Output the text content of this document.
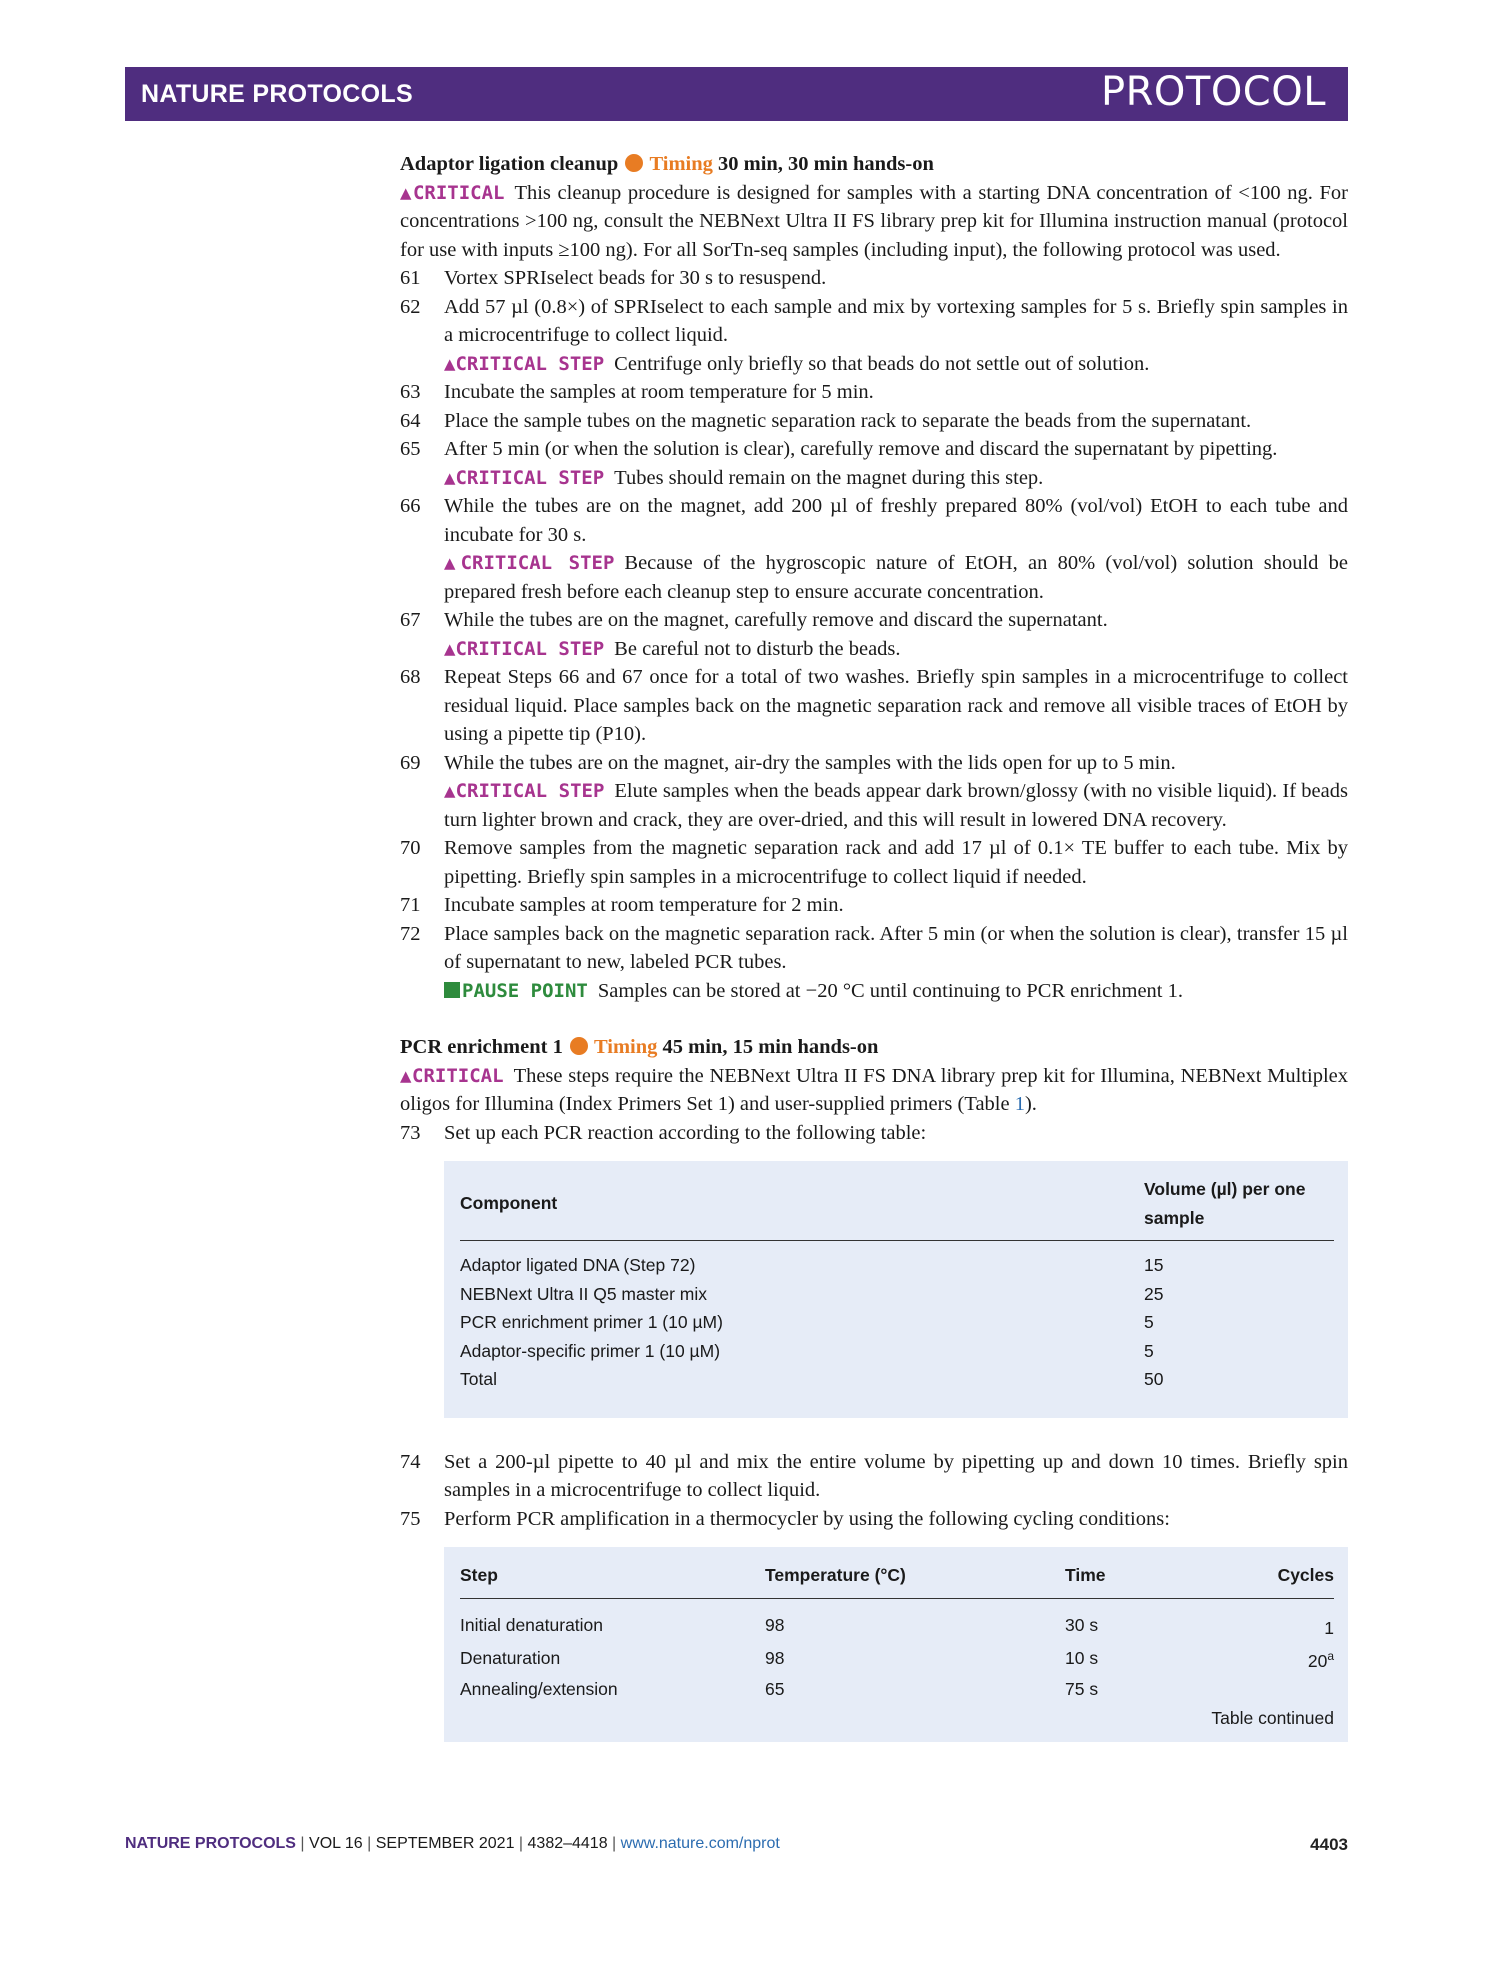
NATURE PROTOCOLS	PROTOCOL

Adaptor ligation cleanup Timing 30 min, 30 min hands-on

▲CRITICAL This cleanup procedure is designed for samples with a starting DNA concentration of <100 ng. For concentrations >100 ng, consult the NEBNext Ultra II FS library prep kit for Illumina instruction manual (protocol for use with inputs ≥100 ng). For all SorTn-seq samples (including input), the following protocol was used.

61 Vortex SPRIselect beads for 30 s to resuspend.

62 Add 57 µl (0.8×) of SPRIselect to each sample and mix by vortexing samples for 5 s. Briefly spin samples in a microcentrifuge to collect liquid.

▲CRITICAL STEP Centrifuge only briefly so that beads do not settle out of solution.

63 Incubate the samples at room temperature for 5 min.

64 Place the sample tubes on the magnetic separation rack to separate the beads from the supernatant.

65 After 5 min (or when the solution is clear), carefully remove and discard the supernatant by pipetting.

▲CRITICAL STEP Tubes should remain on the magnet during this step.

66 While the tubes are on the magnet, add 200 µl of freshly prepared 80% (vol/vol) EtOH to each tube and incubate for 30 s.

▲CRITICAL STEP Because of the hygroscopic nature of EtOH, an 80% (vol/vol) solution should be prepared fresh before each cleanup step to ensure accurate concentration.

67 While the tubes are on the magnet, carefully remove and discard the supernatant.

▲CRITICAL STEP Be careful not to disturb the beads.

68 Repeat Steps 66 and 67 once for a total of two washes. Briefly spin samples in a microcentrifuge to collect residual liquid. Place samples back on the magnetic separation rack and remove all visible traces of EtOH by using a pipette tip (P10).

69 While the tubes are on the magnet, air-dry the samples with the lids open for up to 5 min.

▲CRITICAL STEP Elute samples when the beads appear dark brown/glossy (with no visible liquid). If beads turn lighter brown and crack, they are over-dried, and this will result in lowered DNA recovery.

70 Remove samples from the magnetic separation rack and add 17 µl of 0.1× TE buffer to each tube. Mix by pipetting. Briefly spin samples in a microcentrifuge to collect liquid if needed.

71 Incubate samples at room temperature for 2 min.

72 Place samples back on the magnetic separation rack. After 5 min (or when the solution is clear), transfer 15 µl of supernatant to new, labeled PCR tubes.

PAUSE POINT Samples can be stored at −20 °C until continuing to PCR enrichment 1.

PCR enrichment 1 Timing 45 min, 15 min hands-on

▲CRITICAL These steps require the NEBNext Ultra II FS DNA library prep kit for Illumina, NEBNext Multiplex oligos for Illumina (Index Primers Set 1) and user-supplied primers (Table 1).

73 Set up each PCR reaction according to the following table:

Component	Volume (µl) per one sample
Adaptor ligated DNA (Step 72)	15
NEBNext Ultra II Q5 master mix	25
PCR enrichment primer 1 (10 µM)	5
Adaptor-specific primer 1 (10 µM)	5
Total	50

74 Set a 200-µl pipette to 40 µl and mix the entire volume by pipetting up and down 10 times. Briefly spin samples in a microcentrifuge to collect liquid.

75 Perform PCR amplification in a thermocycler by using the following cycling conditions:

Step	Temperature (°C)	Time	Cycles
Initial denaturation	98	30 s	1
Denaturation	98	10 s	20$^a$
Annealing/extension	65	75 s	
Table continued
NATURE PROTOCOLS | VOL 16 | SEPTEMBER 2021 | 4382–4418 | www.nature.com/nprot	4403
